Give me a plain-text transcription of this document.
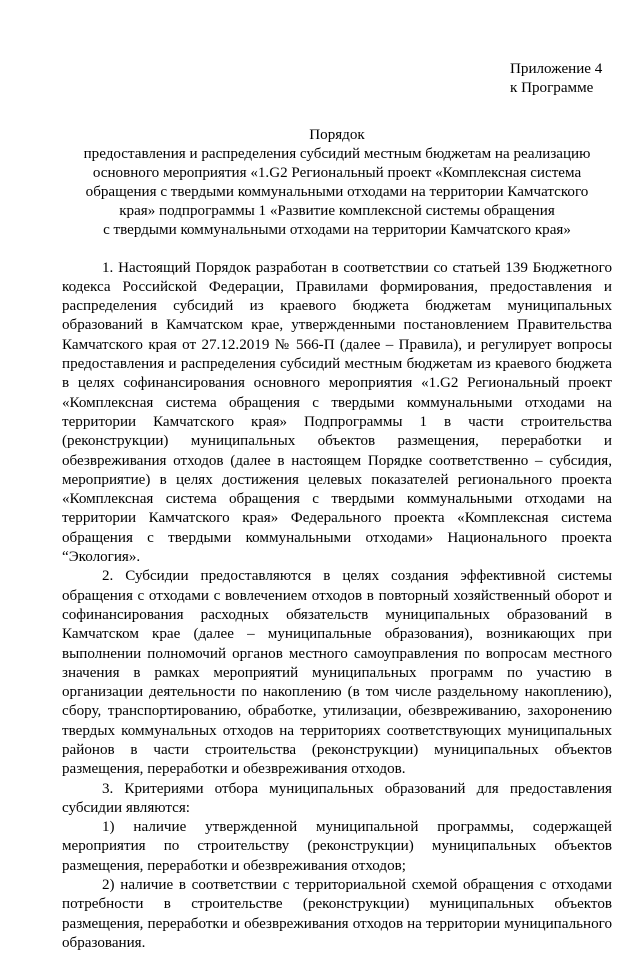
Приложение 4
к Программе
Порядок
предоставления и распределения субсидий местным бюджетам на реализацию
основного мероприятия «1.G2 Региональный проект «Комплексная система
обращения с твердыми коммунальными отходами на территории Камчатского
края» подпрограммы 1 «Развитие комплексной системы обращения
с твердыми коммунальными отходами на территории Камчатского края»

1. Настоящий Порядок разработан в соответствии со статьей 139 Бюджетного кодекса Российской Федерации, Правилами формирования, предоставления и распределения субсидий из краевого бюджета бюджетам муниципальных образований в Камчатском крае, утвержденными постановлением Правительства Камчатского края от 27.12.2019 № 566-П (далее – Правила), и регулирует вопросы предоставления и распределения субсидий местным бюджетам из краевого бюджета в целях софинансирования основного мероприятия «1.G2 Региональный проект «Комплексная система обращения с твердыми коммунальными отходами на территории Камчатского края» Подпрограммы 1 в части строительства (реконструкции) муниципальных объектов размещения, переработки и обезвреживания отходов (далее в настоящем Порядке соответственно – субсидия, мероприятие) в целях достижения целевых показателей регионального проекта «Комплексная система обращения с твердыми коммунальными отходами на территории Камчатского края» Федерального проекта «Комплексная система обращения с твердыми коммунальными отходами» Национального проекта “Экология».

2. Субсидии предоставляются в целях создания эффективной системы обращения с отходами с вовлечением отходов в повторный хозяйственный оборот и софинансирования расходных обязательств муниципальных образований в Камчатском крае (далее – муниципальные образования), возникающих при выполнении полномочий органов местного самоуправления по вопросам местного значения в рамках мероприятий муниципальных программ по участию в организации деятельности по накоплению (в том числе раздельному накоплению), сбору, транспортированию, обработке, утилизации, обезвреживанию, захоронению твердых коммунальных отходов на территориях соответствующих муниципальных районов в части строительства (реконструкции) муниципальных объектов размещения, переработки и обезвреживания отходов.

3. Критериями отбора муниципальных образований для предоставления субсидии являются:

1) наличие утвержденной муниципальной программы, содержащей мероприятия по строительству (реконструкции) муниципальных объектов размещения, переработки и обезвреживания отходов;

2) наличие в соответствии с территориальной схемой обращения с отходами потребности в строительстве (реконструкции) муниципальных объектов размещения, переработки и обезвреживания отходов на территории муниципального образования.
